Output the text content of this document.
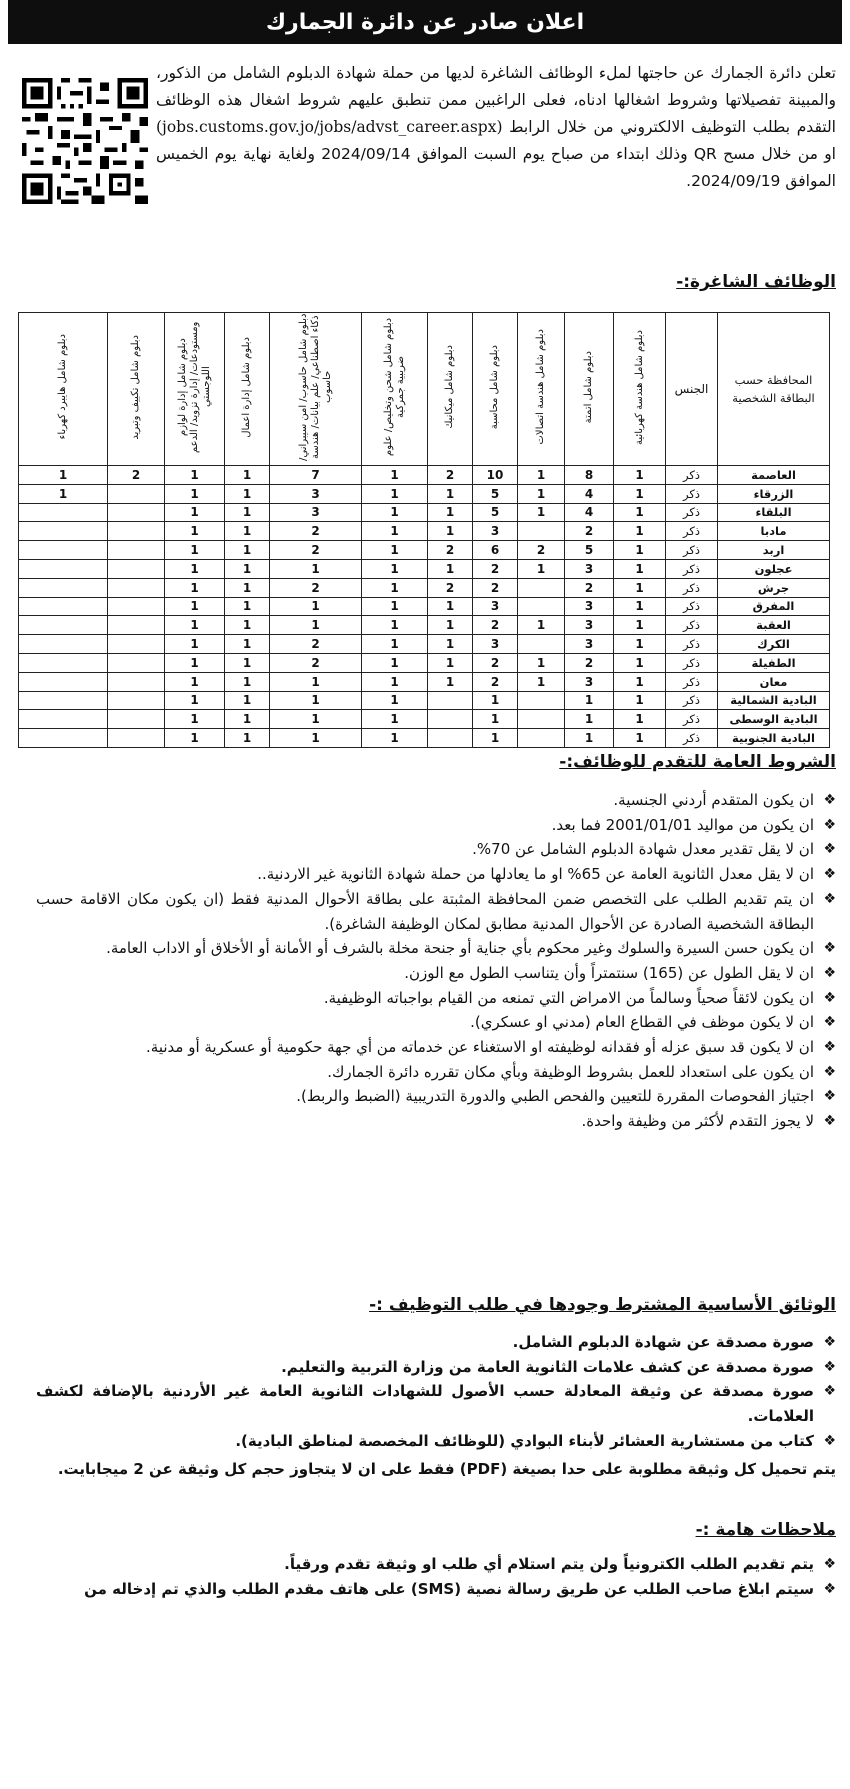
اعلان صادر عن دائرة الجمارك
تعلن دائرة الجمارك عن حاجتها لملء الوظائف الشاغرة لديها من حملة شهادة الدبلوم الشامل من الذكور، والمبينة تفصيلاتها وشروط اشغالها ادناه، فعلى الراغبين ممن تنطبق عليهم شروط اشغال هذه الوظائف التقدم بطلب التوظيف الالكتروني من خلال الرابط (jobs.customs.gov.jo/jobs/advst_career.aspx) او من خلال مسح QR وذلك ابتداء من صباح يوم السبت الموافق 2024/09/14 ولغاية نهاية يوم الخميس الموافق 2024/09/19.
الوظائف الشاغرة:-
المحافظة حسب البطاقة الشخصية	الجنس	دبلوم شامل هندسة كهربائية	دبلوم شامل اتمتة	دبلوم شامل هندسة اتصالات	دبلوم شامل محاسبة	دبلوم شامل ميكانيك	دبلوم شامل شحن وتخليص/ علوم ضريبية جمركية	دبلوم شامل حاسوب/ امن سيبراني/ ذكاء اصطناعي/ علم بيانات/ هندسة حاسوب	دبلوم شامل إدارة اعمال	دبلوم شامل إدارة لوازم ومستودعات/ إدارة تزويد/ الدعم اللوجستي	دبلوم شامل تكييف وتبريد	دبلوم شامل هايبرد كهرباء
العاصمة	ذكر	1	8	1	10	2	1	7	1	1	2	1
الزرقاء	ذكر	1	4	1	5	1	1	3	1	1		1
البلقاء	ذكر	1	4	1	5	1	1	3	1	1		
مادبا	ذكر	1	2		3	1	1	2	1	1		
اربد	ذكر	1	5	2	6	2	1	2	1	1		
عجلون	ذكر	1	3	1	2	1	1	1	1	1		
جرش	ذكر	1	2		2	2	1	2	1	1		
المفرق	ذكر	1	3		3	1	1	1	1	1		
العقبة	ذكر	1	3	1	2	1	1	1	1	1		
الكرك	ذكر	1	3		3	1	1	2	1	1		
الطفيلة	ذكر	1	2	1	2	1	1	2	1	1		
معان	ذكر	1	3	1	2	1	1	1	1	1		
البادية الشمالية	ذكر	1	1		1		1	1	1	1		
البادية الوسطى	ذكر	1	1		1		1	1	1	1		
البادية الجنوبية	ذكر	1	1		1		1	1	1	1		
الشروط العامة للتقدم للوظائف:-
❖ ان يكون المتقدم أردني الجنسية.
❖ ان يكون من مواليد 2001/01/01 فما بعد.
❖ ان لا يقل تقدير معدل شهادة الدبلوم الشامل عن 70%.
❖ ان لا يقل معدل الثانوية العامة عن 65% او ما يعادلها من حملة شهادة الثانوية غير الاردنية..
❖ ان يتم تقديم الطلب على التخصص ضمن المحافظة المثبتة على بطاقة الأحوال المدنية فقط (ان يكون مكان الاقامة حسب البطاقة الشخصية الصادرة عن الأحوال المدنية مطابق لمكان الوظيفة الشاغرة).
❖ ان يكون حسن السيرة والسلوك وغير محكوم بأي جناية أو جنحة مخلة بالشرف أو الأمانة أو الأخلاق أو الاداب العامة.
❖ ان لا يقل الطول عن (165) سنتمتراً وأن يتناسب الطول مع الوزن.
❖ ان يكون لائقاً صحياً وسالماً من الامراض التي تمنعه من القيام بواجباته الوظيفية.
❖ ان لا يكون موظف في القطاع العام (مدني او عسكري).
❖ ان لا يكون قد سبق عزله أو فقدانه لوظيفته او الاستغناء عن خدماته من أي جهة حكومية أو عسكرية أو مدنية.
❖ ان يكون على استعداد للعمل بشروط الوظيفة وبأي مكان تقرره دائرة الجمارك.
❖ اجتياز الفحوصات المقررة للتعيين والفحص الطبي والدورة التدريبية (الضبط والربط).
❖ لا يجوز التقدم لأكثر من وظيفة واحدة.
الوثائق الأساسية المشترط وجودها في طلب التوظيف :-
❖ صورة مصدقة عن شهادة الدبلوم الشامل.
❖ صورة مصدقة عن كشف علامات الثانوية العامة من وزارة التربية والتعليم.
❖ صورة مصدقة عن وثيقة المعادلة حسب الأصول للشهادات الثانوية العامة غير الأردنية بالإضافة لكشف العلامات.
❖ كتاب من مستشارية العشائر لأبناء البوادي (للوظائف المخصصة لمناطق البادية).
يتم تحميل كل وثيقة مطلوبة على حدا بصيغة (PDF) فقط على ان لا يتجاوز حجم كل وثيقة عن 2 ميجابايت.
ملاحظات هامة :-
❖ يتم تقديم الطلب الكترونياً ولن يتم استلام أي طلب او وثيقة تقدم ورقياً.
❖ سيتم ابلاغ صاحب الطلب عن طريق رسالة نصية (SMS) على هاتف مقدم الطلب والذي تم إدخاله من
